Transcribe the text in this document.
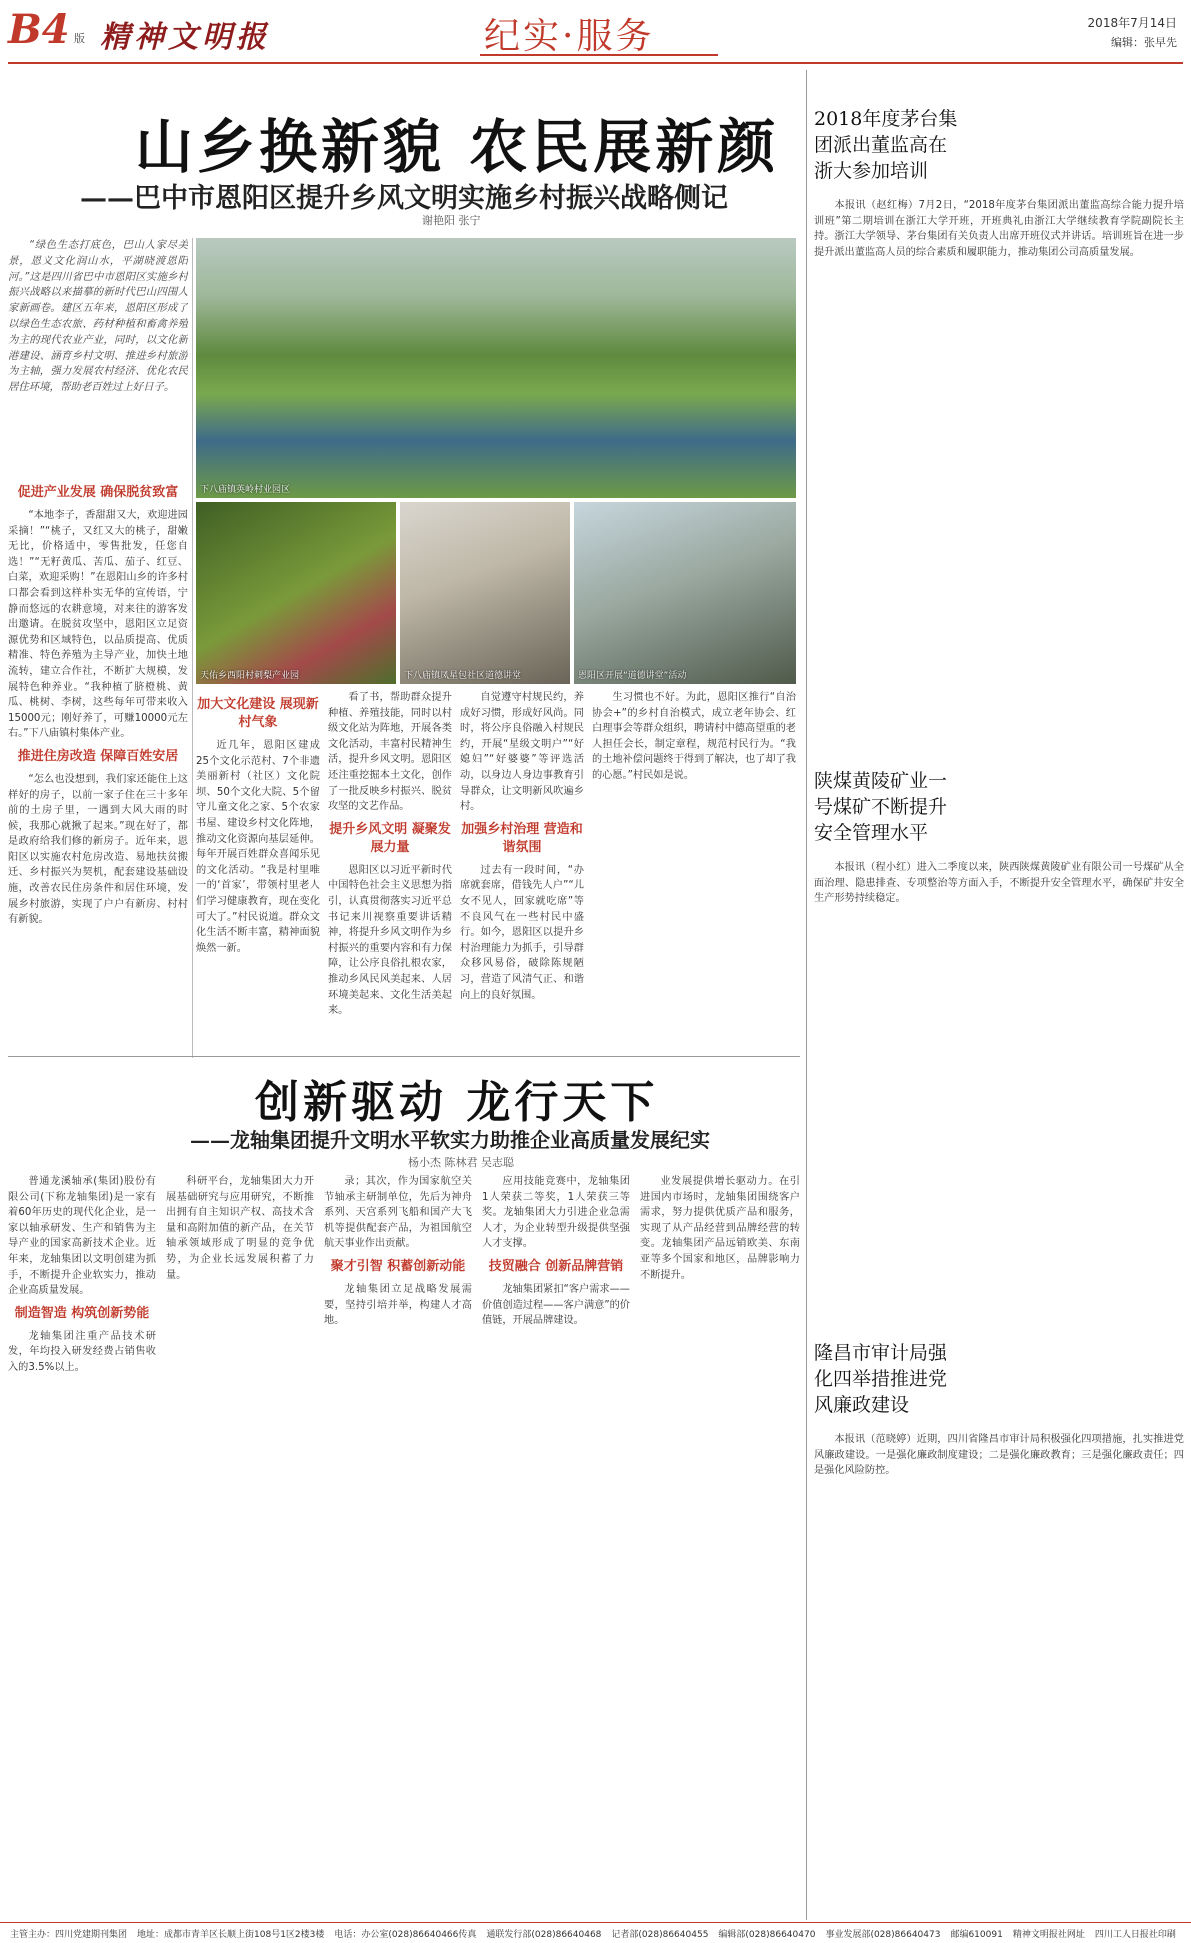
B4 版 精神文明报	纪实·服务	2018年7月14日
编辑：张早先
山乡换新貌 农民展新颜
——巴中市恩阳区提升乡风文明实施乡村振兴战略侧记
谢艳阳 张宁

“绿色生态打底色，巴山人家尽美景，恩义文化润山水，平湖晓渡恩阳河。”这是四川省巴中市恩阳区实施乡村振兴战略以来描摹的新时代巴山四围人家新画卷。建区五年来，恩阳区形成了以绿色生态农旅、药材种植和畜禽养殖为主的现代农业产业，同时，以文化新港建设、涵育乡村文明、推进乡村旅游为主轴，强力发展农村经济、优化农民居住环境，帮助老百姓过上好日子。

下八庙镇英岭村业园区
天佑乡西阳村刺梨产业园	下八庙镇凤星包社区道德讲堂	恩阳区开展“道德讲堂”活动
促进产业发展 确保脱贫致富

“本地李子，香甜甜又大，欢迎进园采摘！”“桃子，又红又大的桃子，甜嫩无比，价格适中，零售批发，任您自选！”“无籽黄瓜、苦瓜、茄子、红豆、白菜，欢迎采购！”在恩阳山乡的许多村口都会看到这样朴实无华的宣传语，宁静而悠远的农耕意境，对来往的游客发出邀请。在脱贫攻坚中，恩阳区立足资源优势和区域特色，以品质提高、优质精准、特色养殖为主导产业，加快土地流转，建立合作社，不断扩大规模，发展特色种养业。“我种植了脐橙桃、黄瓜、桃树、李树，这些每年可带来收入15000元；刚好养了，可赚10000元左右。”下八庙镇村集体产业。

推进住房改造 保障百姓安居

“怎么也没想到，我们家还能住上这样好的房子，以前一家子住在三十多年前的土房子里，一遇到大风大雨的时候，我那心就揪了起来。”现在好了，都是政府给我们修的新房子。近年来，恩阳区以实施农村危房改造、易地扶贫搬迁、乡村振兴为契机，配套建设基础设施，改善农民住房条件和居住环境，发展乡村旅游，实现了户户有新房、村村有新貌。

加大文化建设 展现新村气象

近几年，恩阳区建成25个文化示范村、7个非遗美丽新村（社区）文化院坝、50个文化大院、5个留守儿童文化之家、5个农家书屋、建设乡村文化阵地，推动文化资源向基层延伸。每年开展百姓群众喜闻乐见的文化活动。“我是村里唯一的‘首家’，带领村里老人们学习健康教育，现在变化可大了。”村民说道。群众文化生活不断丰富，精神面貌焕然一新。

看了书，帮助群众提升种植、养殖技能，同时以村级文化站为阵地，开展各类文化活动，丰富村民精神生活，提升乡风文明。恩阳区还注重挖掘本土文化，创作了一批反映乡村振兴、脱贫攻坚的文艺作品。

提升乡风文明 凝聚发展力量

恩阳区以习近平新时代中国特色社会主义思想为指引，认真贯彻落实习近平总书记来川视察重要讲话精神，将提升乡风文明作为乡村振兴的重要内容和有力保障，让公序良俗扎根农家，推动乡风民风美起来、人居环境美起来、文化生活美起来。

自觉遵守村规民约，养成好习惯，形成好风尚。同时，将公序良俗融入村规民约，开展“星级文明户”“好媳妇”“好婆婆”等评选活动，以身边人身边事教育引导群众，让文明新风吹遍乡村。

加强乡村治理 营造和谐氛围

过去有一段时间，“办席就套席，借钱先人户”“儿女不见人，回家就吃席”等不良风气在一些村民中盛行。如今，恩阳区以提升乡村治理能力为抓手，引导群众移风易俗，破除陈规陋习，营造了风清气正、和谐向上的良好氛围。

生习惯也不好。为此，恩阳区推行“自治协会+”的乡村自治模式，成立老年协会、红白理事会等群众组织，聘请村中德高望重的老人担任会长，制定章程，规范村民行为。“我的土地补偿问题终于得到了解决，也了却了我的心愿。”村民如是说。

创新驱动 龙行天下
——龙轴集团提升文明水平软实力助推企业高质量发展纪实
杨小杰 陈林君 吴志聪

普通龙溪轴承(集团)股份有限公司(下称龙轴集团)是一家有着60年历史的现代化企业，是一家以轴承研发、生产和销售为主导产业的国家高新技术企业。近年来，龙轴集团以文明创建为抓手，不断提升企业软实力，推动企业高质量发展。

制造智造 构筑创新势能

龙轴集团注重产品技术研发，年均投入研发经费占销售收入的3.5%以上。

科研平台，龙轴集团大力开展基础研究与应用研究，不断推出拥有自主知识产权、高技术含量和高附加值的新产品，在关节轴承领域形成了明显的竞争优势，为企业长远发展积蓄了力量。

录；其次，作为国家航空关节轴承主研制单位，先后为神舟系列、天宫系列飞船和国产大飞机等提供配套产品，为祖国航空航天事业作出贡献。

聚才引智 积蓄创新动能

龙轴集团立足战略发展需要，坚持引培并举，构建人才高地。

应用技能竞赛中，龙轴集团1人荣获二等奖，1人荣获三等奖。龙轴集团大力引进企业急需人才，为企业转型升级提供坚强人才支撑。

技贸融合 创新品牌营销

龙轴集团紧扣“客户需求——价值创造过程——客户满意”的价值链，开展品牌建设。

业发展提供增长驱动力。在引进国内市场时，龙轴集团围绕客户需求，努力提供优质产品和服务，实现了从产品经营到品牌经营的转变。龙轴集团产品远销欧美、东南亚等多个国家和地区，品牌影响力不断提升。

2018年度茅台集团派出董监高在浙大参加培训

本报讯（赵红梅）7月2日，“2018年度茅台集团派出董监高综合能力提升培训班”第二期培训在浙江大学开班，开班典礼由浙江大学继续教育学院副院长主持。浙江大学领导、茅台集团有关负责人出席开班仪式并讲话。培训班旨在进一步提升派出董监高人员的综合素质和履职能力，推动集团公司高质量发展。

陕煤黄陵矿业一号煤矿不断提升安全管理水平

本报讯（程小红）进入二季度以来，陕西陕煤黄陵矿业有限公司一号煤矿从全面治理、隐患排查、专项整治等方面入手，不断提升安全管理水平，确保矿井安全生产形势持续稳定。

隆昌市审计局强化四举措推进党风廉政建设

本报讯（范晓婷）近期，四川省隆昌市审计局积极强化四项措施，扎实推进党风廉政建设。一是强化廉政制度建设；二是强化廉政教育；三是强化廉政责任；四是强化风险防控。

主管主办：四川党建期刊集团 地址：成都市青羊区长顺上街108号1区2楼3楼 电话：办公室(028)86640466传真 通联发行部(028)86640468 记者部(028)86640455 编辑部(028)86640470 事业发展部(028)86640473 邮编610091 精神文明报社网址 四川工人日报社印刷
